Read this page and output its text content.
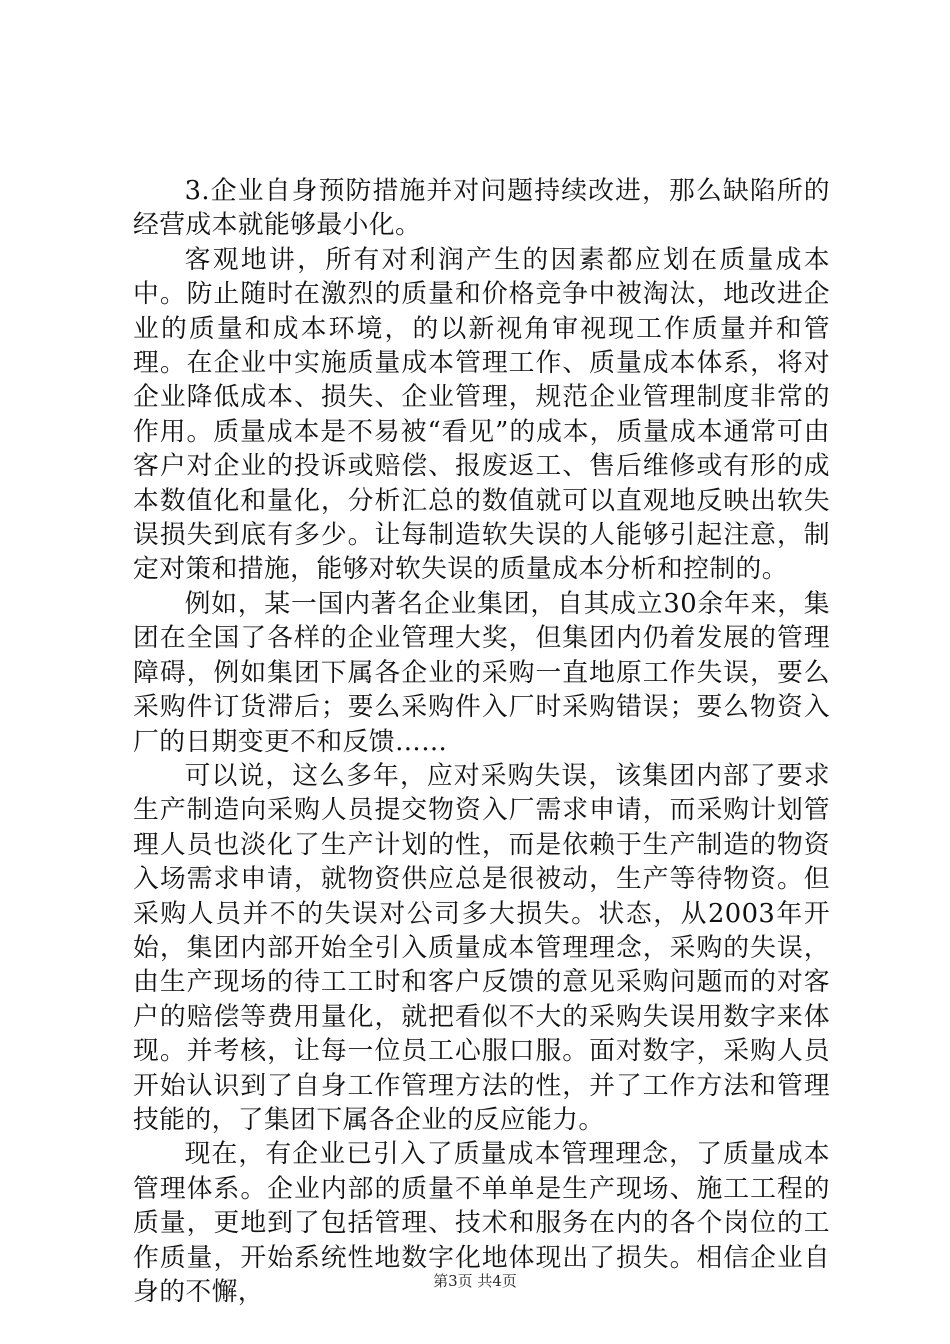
3.企业自身预防措施并对问题持续改进，那么缺陷所的经营成本就能够最小化。

客观地讲，所有对利润产生的因素都应划在质量成本中。防止随时在激烈的质量和价格竞争中被淘汰，地改进企业的质量和成本环境，的以新视角审视现工作质量并和管理。在企业中实施质量成本管理工作、质量成本体系，将对企业降低成本、损失、企业管理，规范企业管理制度非常的作用。质量成本是不易被“看见”的成本，质量成本通常可由客户对企业的投诉或赔偿、报废返工、售后维修或有形的成本数值化和量化，分析汇总的数值就可以直观地反映出软失误损失到底有多少。让每制造软失误的人能够引起注意，制定对策和措施，能够对软失误的质量成本分析和控制的。

例如，某一国内著名企业集团，自其成立30余年来，集团在全国了各样的企业管理大奖，但集团内仍着发展的管理障碍，例如集团下属各企业的采购一直地原工作失误，要么采购件订货滞后；要么采购件入厂时采购错误；要么物资入厂的日期变更不和反馈……

可以说，这么多年，应对采购失误，该集团内部了要求生产制造向采购人员提交物资入厂需求申请，而采购计划管理人员也淡化了生产计划的性，而是依赖于生产制造的物资入场需求申请，就物资供应总是很被动，生产等待物资。但采购人员并不的失误对公司多大损失。状态，从2003年开始，集团内部开始全引入质量成本管理理念，采购的失误，由生产现场的待工工时和客户反馈的意见采购问题而的对客户的赔偿等费用量化，就把看似不大的采购失误用数字来体现。并考核，让每一位员工心服口服。面对数字，采购人员开始认识到了自身工作管理方法的性，并了工作方法和管理技能的，了集团下属各企业的反应能力。

现在，有企业已引入了质量成本管理理念，了质量成本管理体系。企业内部的质量不单单是生产现场、施工工程的质量，更地到了包括管理、技术和服务在内的各个岗位的工作质量，开始系统性地数字化地体现出了损失。相信企业自身的不懈，	第3页 共4页
